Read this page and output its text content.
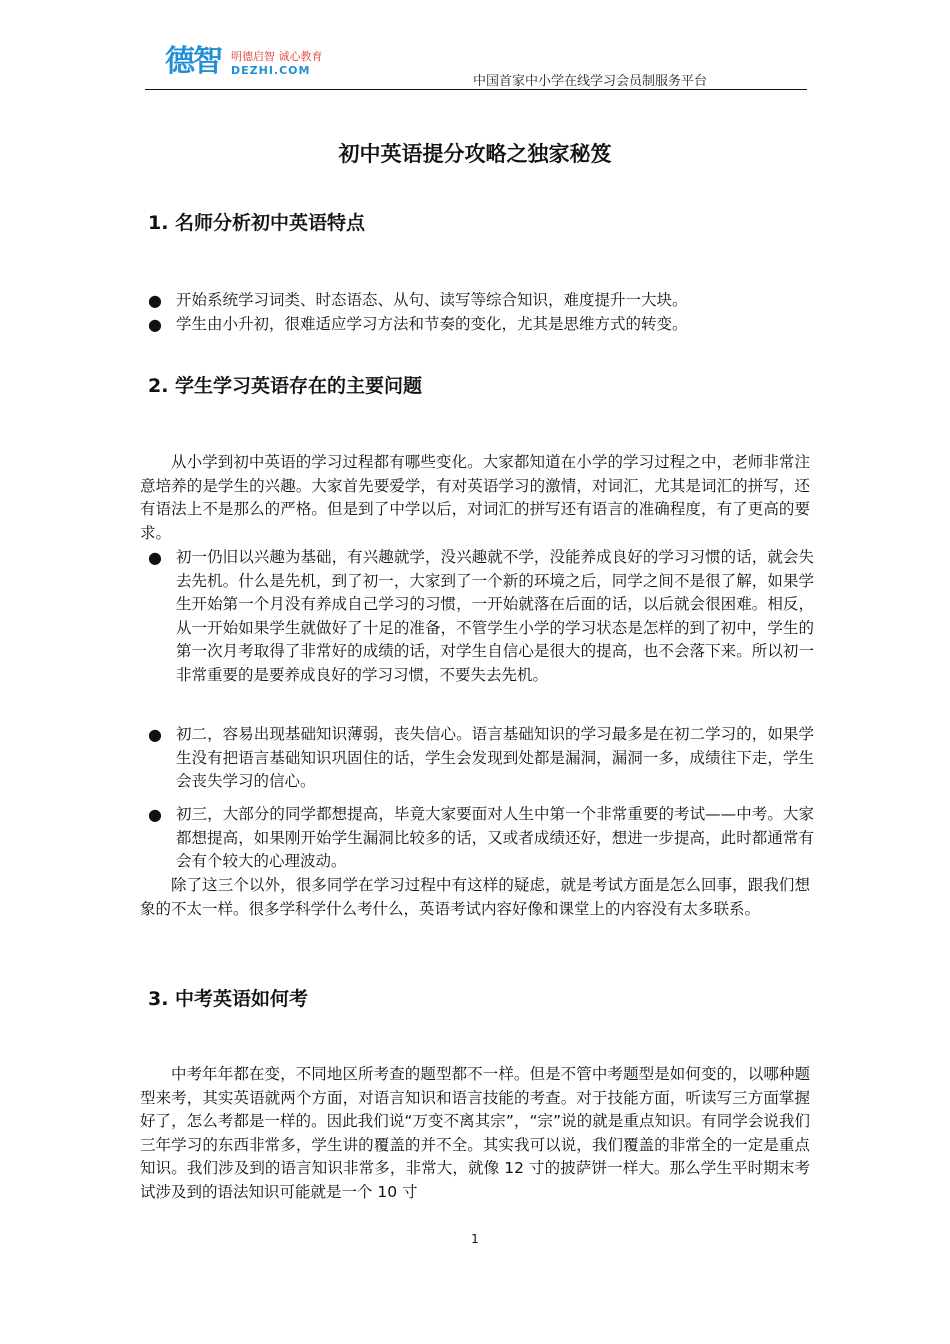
德智 明德启智 诚心教育
DEZHI.COM
中国首家中小学在线学习会员制服务平台
初中英语提分攻略之独家秘笈
1. 名师分析初中英语特点
● 开始系统学习词类、时态语态、从句、读写等综合知识，难度提升一大块。
● 学生由小升初，很难适应学习方法和节奏的变化，尤其是思维方式的转变。
2. 学生学习英语存在的主要问题
从小学到初中英语的学习过程都有哪些变化。大家都知道在小学的学习过程之中，老师非常注意培养的是学生的兴趣。大家首先要爱学，有对英语学习的激情，对词汇，尤其是词汇的拼写，还有语法上不是那么的严格。但是到了中学以后，对词汇的拼写还有语言的准确程度，有了更高的要求。
● 初一仍旧以兴趣为基础，有兴趣就学，没兴趣就不学，没能养成良好的学习习惯的话，就会失去先机。什么是先机，到了初一，大家到了一个新的环境之后，同学之间不是很了解，如果学生开始第一个月没有养成自己学习的习惯，一开始就落在后面的话，以后就会很困难。相反，从一开始如果学生就做好了十足的准备，不管学生小学的学习状态是怎样的到了初中，学生的第一次月考取得了非常好的成绩的话，对学生自信心是很大的提高，也不会落下来。所以初一非常重要的是要养成良好的学习习惯，不要失去先机。
● 初二，容易出现基础知识薄弱，丧失信心。语言基础知识的学习最多是在初二学习的，如果学生没有把语言基础知识巩固住的话，学生会发现到处都是漏洞，漏洞一多，成绩往下走，学生会丧失学习的信心。
● 初三，大部分的同学都想提高，毕竟大家要面对人生中第一个非常重要的考试——中考。大家都想提高，如果刚开始学生漏洞比较多的话，又或者成绩还好，想进一步提高，此时都通常有会有个较大的心理波动。
除了这三个以外，很多同学在学习过程中有这样的疑虑，就是考试方面是怎么回事，跟我们想象的不太一样。很多学科学什么考什么，英语考试内容好像和课堂上的内容没有太多联系。
3. 中考英语如何考
中考年年都在变，不同地区所考查的题型都不一样。但是不管中考题型是如何变的，以哪种题型来考，其实英语就两个方面，对语言知识和语言技能的考查。对于技能方面，听读写三方面掌握好了，怎么考都是一样的。因此我们说“万变不离其宗”，“宗”说的就是重点知识。有同学会说我们三年学习的东西非常多，学生讲的覆盖的并不全。其实我可以说，我们覆盖的非常全的一定是重点知识。我们涉及到的语言知识非常多，非常大，就像 12 寸的披萨饼一样大。那么学生平时期末考试涉及到的语法知识可能就是一个 10 寸
1
